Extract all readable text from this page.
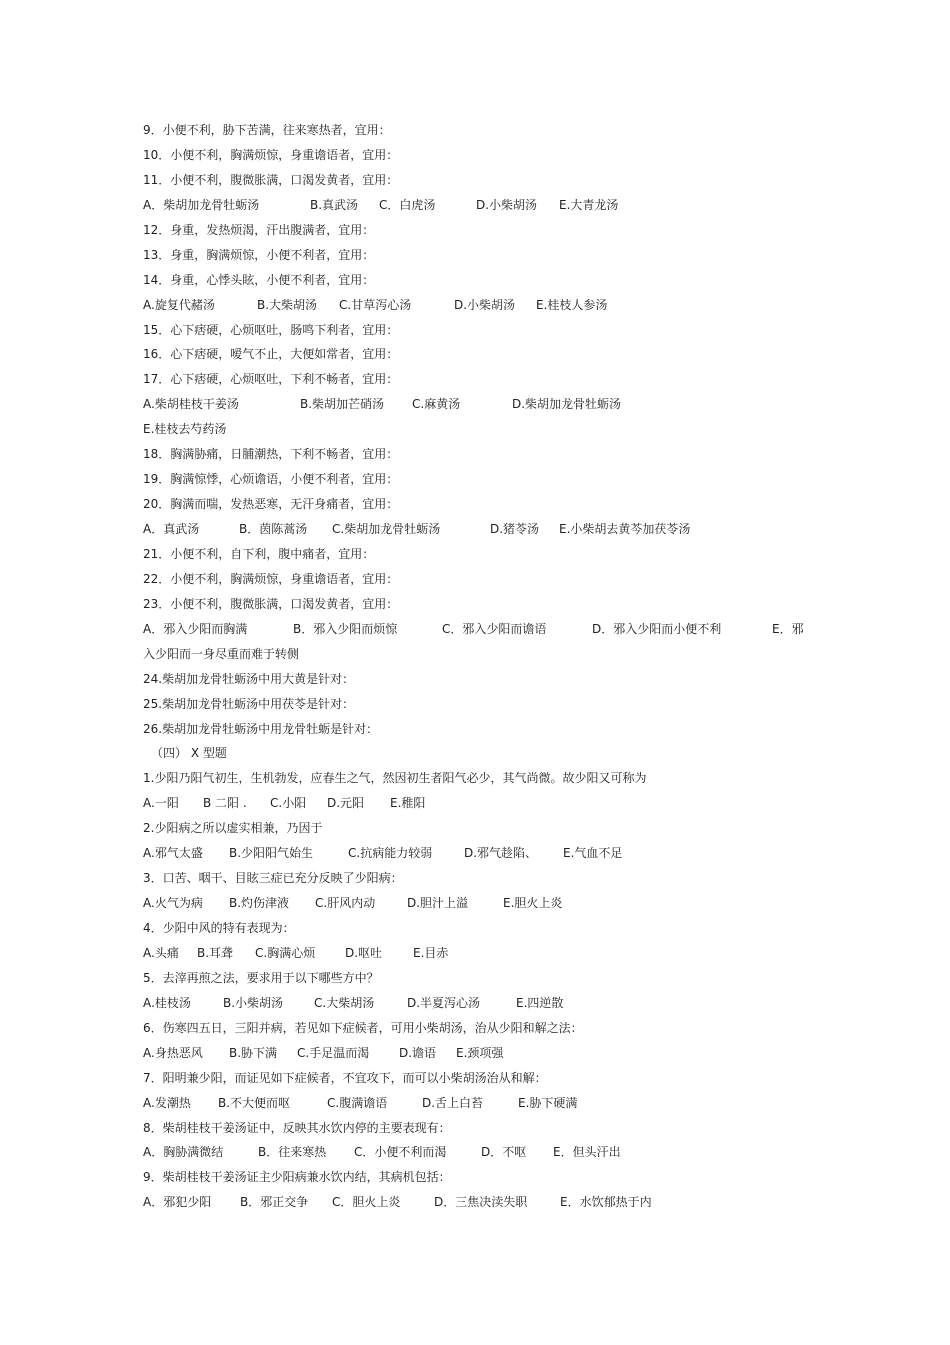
9．小便不利，胁下苦满，往来寒热者，宜用：
10．小便不利，胸满烦惊，身重谵语者，宜用：
11．小便不利，腹微胀满，口渴发黄者，宜用：
A．柴胡加龙骨牡蛎汤	B.真武汤 C．白虎汤	D.小柴胡汤 E.大青龙汤
12．身重，发热烦渴，汗出腹满者，宜用：
13．身重，胸满烦惊，小便不利者，宜用：
14．身重，心悸头眩，小便不利者，宜用：
A.旋复代赭汤	B.大柴胡汤 C.甘草泻心汤	D.小柴胡汤 E.桂枝人参汤
15．心下痞硬，心烦呕吐，肠鸣下利者，宜用：
16．心下痞硬，嗳气不止，大便如常者，宜用：
17．心下痞硬，心烦呕吐，下利不畅者，宜用：
A.柴胡桂枝干姜汤	B.柴胡加芒硝汤 C.麻黄汤	D.柴胡加龙骨牡蛎汤
E.桂枝去芍药汤
18．胸满胁痛，日脯潮热，下利不畅者，宜用：
19．胸满惊悸，心烦谵语，小便不利者，宜用：
20．胸满而喘，发热恶寒，无汗身痛者，宜用：
A．真武汤	B．茵陈蒿汤 C.柴胡加龙骨牡蛎汤	D.猪苓汤 E.小柴胡去黄芩加茯苓汤
21．小便不利，自下利，腹中痛者，宜用：
22．小便不利，胸满烦惊，身重谵语者，宜用：
23．小便不利，腹微胀满，口渴发黄者，宜用：
A．邪入少阳而胸满	B．邪入少阳而烦惊	C．邪入少阳而谵语	D．邪入少阳而小便不利	E．邪
入少阳而一身尽重而难于转侧
24.柴胡加龙骨牡蛎汤中用大黄是针对：
25.柴胡加龙骨牡蛎汤中用茯苓是针对：
26.柴胡加龙骨牡蛎汤中用龙骨牡蛎是针对：
（四） X 型题
1.少阳乃阳气初生，生机勃发，应春生之气，然因初生者阳气必少，其气尚微。故少阳又可称为
A.一阳 B 二阳 . C.小阳 D.元阳 E.稚阳
2.少阳病之所以虚实相兼，乃因于
A.邪气太盛 B.少阳阳气始生	C.抗病能力较弱	D.邪气趁陷、 E.气血不足
3．口苦、咽干、目眩三症已充分反映了少阳病：
A.火气为病 B.灼伤津液 C.肝风内动	D.胆汁上溢	E.胆火上炎
4．少阳中风的特有表现为：
A.头痛 B.耳聋 C.胸满心烦 D.呕吐	E.目赤
5．去滓再煎之法，要求用于以下哪些方中？
A.桂枝汤	B.小柴胡汤	C.大柴胡汤	D.半夏泻心汤	E.四逆散
6．伤寒四五日，三阳并病，若见如下症候者，可用小柴胡汤，治从少阳和解之法：
A.身热恶风 B.胁下满 C.手足温而渴 D.谵语 E.颈项强
7．阳明兼少阳，而证见如下症候者，不宜攻下，而可以小柴胡汤治从和解：
A.发潮热 B.不大便而呕	C.腹满谵语	D.舌上白苔	E.胁下硬满
8．柴胡桂枝干姜汤证中，反映其水饮内停的主要表现有：
A．胸胁满微结	B．往来寒热 C．小便不利而渴	D．不呕 E．但头汗出
9．柴胡桂枝干姜汤证主少阳病兼水饮内结，其病机包括：
A．邪犯少阳 B．邪正交争 C．胆火上炎	D．三焦决渎失职	E．水饮郁热于内
